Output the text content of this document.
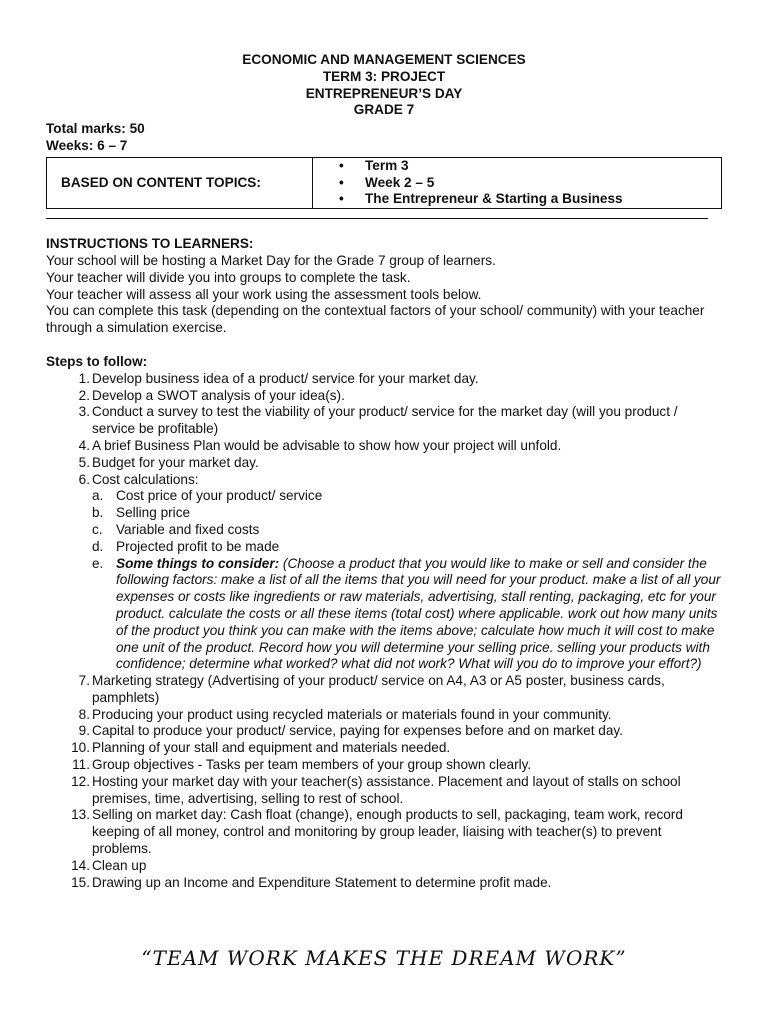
ECONOMIC AND MANAGEMENT SCIENCES
TERM 3: PROJECT
ENTREPRENEUR’S DAY
GRADE 7
Total marks: 50
Weeks: 6 – 7
BASED ON CONTENT TOPICS:
• Term 3
• Week 2 – 5
• The Entrepreneur & Starting a Business
INSTRUCTIONS TO LEARNERS:

Your school will be hosting a Market Day for the Grade 7 group of learners.

Your teacher will divide you into groups to complete the task.

Your teacher will assess all your work using the assessment tools below.

You can complete this task (depending on the contextual factors of your school/ community) with your teacher through a simulation exercise.

Steps to follow:
1. Develop business idea of a product/ service for your market day.
2. Develop a SWOT analysis of your idea(s).
3. Conduct a survey to test the viability of your product/ service for the market day (will you product / service be profitable)
4. A brief Business Plan would be advisable to show how your project will unfold.
5. Budget for your market day.
6. Cost calculations:
a. Cost price of your product/ service
b. Selling price
c. Variable and fixed costs
d. Projected profit to be made
e. Some things to consider: (Choose a product that you would like to make or sell and consider the following factors: make a list of all the items that you will need for your product. make a list of all your expenses or costs like ingredients or raw materials, advertising, stall renting, packaging, etc for your product. calculate the costs or all these items (total cost) where applicable. work out how many units of the product you think you can make with the items above; calculate how much it will cost to make one unit of the product. Record how you will determine your selling price. selling your products with confidence; determine what worked? what did not work? What will you do to improve your effort?)
7. Marketing strategy (Advertising of your product/ service on A4, A3 or A5 poster, business cards, pamphlets)
8. Producing your product using recycled materials or materials found in your community.
9. Capital to produce your product/ service, paying for expenses before and on market day.
10. Planning of your stall and equipment and materials needed.
11. Group objectives - Tasks per team members of your group shown clearly.
12. Hosting your market day with your teacher(s) assistance. Placement and layout of stalls on school premises, time, advertising, selling to rest of school.
13. Selling on market day: Cash float (change), enough products to sell, packaging, team work, record keeping of all money, control and monitoring by group leader, liaising with teacher(s) to prevent problems.
14. Clean up
15. Drawing up an Income and Expenditure Statement to determine profit made.
“TEAM WORK MAKES THE DREAM WORK”
